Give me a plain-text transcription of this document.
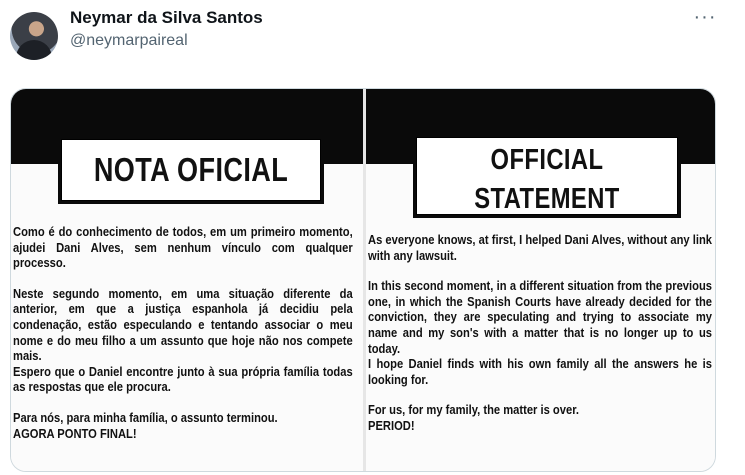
Neymar da Silva Santos
@neymarpaireal
···
NOTA OFICIAL

Como é do conhecimento de todos, em um primeiro momento, ajudei Dani Alves, sem nenhum vínculo com qualquer processo.

Neste segundo momento, em uma situação diferente da anterior, em que a justiça espanhola já decidiu pela condenação, estão especulando e tentando associar o meu nome e do meu filho a um assunto que hoje não nos compete mais.

Espero que o Daniel encontre junto à sua própria família todas as respostas que ele procura.

Para nós, para minha família, o assunto terminou.

AGORA PONTO FINAL!

OFFICIAL
STATEMENT

As everyone knows, at first, I helped Dani Alves, without any link with any lawsuit.

In this second moment, in a different situation from the previous one, in which the Spanish Courts have already decided for the conviction, they are speculating and trying to associate my name and my son's with a matter that is no longer up to us today.

I hope Daniel finds with his own family all the answers he is looking for.

For us, for my family, the matter is over.

PERIOD!
